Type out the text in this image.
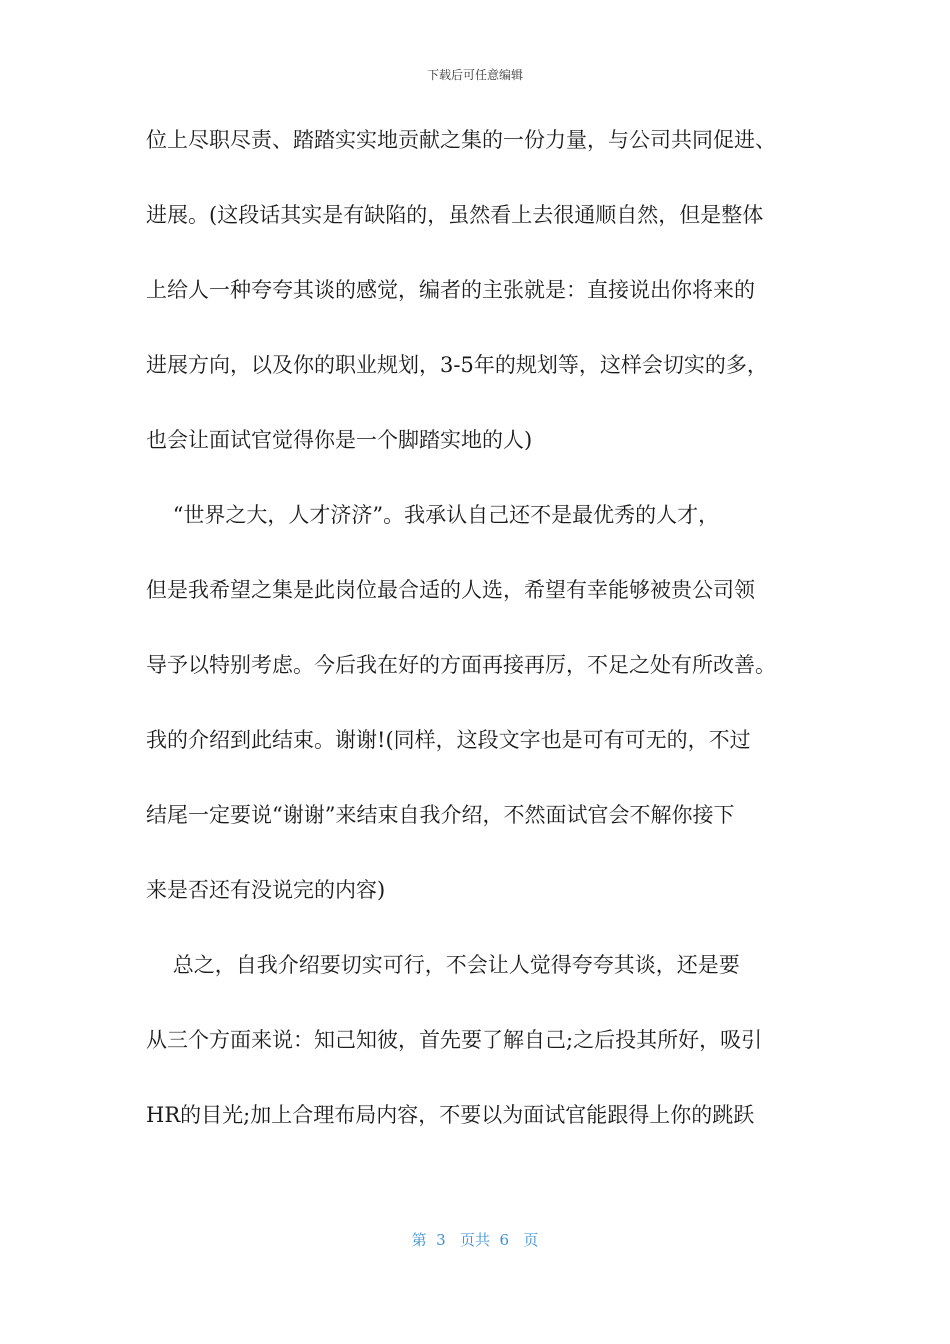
下载后可任意编辑
位上尽职尽责、踏踏实实地贡献之集的一份力量，与公司共同促进、
进展。(这段话其实是有缺陷的，虽然看上去很通顺自然，但是整体
上给人一种夸夸其谈的感觉，编者的主张就是：直接说出你将来的
进展方向，以及你的职业规划，3-5年的规划等，这样会切实的多，
也会让面试官觉得你是一个脚踏实地的人)
“世界之大，人才济济”。我承认自己还不是最优秀的人才，
但是我希望之集是此岗位最合适的人选，希望有幸能够被贵公司领
导予以特别考虑。今后我在好的方面再接再厉，不足之处有所改善。
我的介绍到此结束。谢谢!(同样，这段文字也是可有可无的，不过
结尾一定要说“谢谢”来结束自我介绍，不然面试官会不解你接下
来是否还有没说完的内容)
总之，自我介绍要切实可行，不会让人觉得夸夸其谈，还是要
从三个方面来说：知己知彼，首先要了解自己;之后投其所好，吸引
HR的目光;加上合理布局内容，不要以为面试官能跟得上你的跳跃
第  3   页共  6   页
